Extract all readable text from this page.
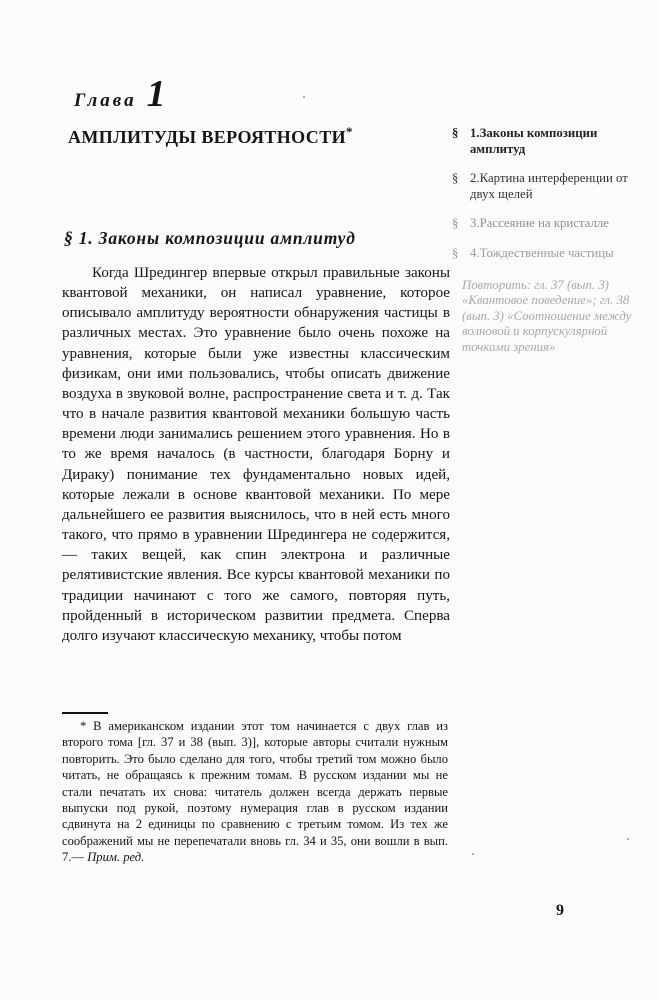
Глава 1
АМПЛИТУДЫ ВЕРОЯТНОСТИ*
§ 1. Законы композиции амплитуд

Когда Шредингер впервые открыл правильные законы квантовой механики, он написал уравнение, которое описывало амплитуду вероятности обнаружения частицы в различных местах. Это уравнение было очень похоже на уравнения, которые были уже известны классическим физикам, они ими пользовались, чтобы описать движение воздуха в звуковой волне, распространение света и т. д. Так что в начале развития квантовой механики большую часть времени люди занимались решением этого уравнения. Но в то же время началось (в частности, благодаря Борну и Дираку) понимание тех фундаментально новых идей, которые лежали в основе квантовой механики. По мере дальнейшего ее развития выяснилось, что в ней есть много такого, что прямо в уравнении Шредингера не содержится,— таких вещей, как спин электрона и различные релятивистские явления. Все курсы квантовой механики по традиции начинают с того же самого, повторяя путь, пройденный в историческом развитии предмета. Сперва долго изучают классическую механику, чтобы потом

* В американском издании этот том начинается с двух глав из второго тома [гл. 37 и 38 (вып. 3)], которые авторы считали нужным повторить. Это было сделано для того, чтобы третий том можно было читать, не обращаясь к прежним томам. В русском издании мы не стали печатать их снова: читатель должен всегда держать первые выпуски под рукой, поэтому нумерация глав в русском издании сдвинута на 2 единицы по сравнению с третьим томом. Из тех же соображений мы не перепечатали вновь гл. 34 и 35, они вошли в вып. 7.— Прим. ред.

§ 1.Законы композиции амплитуд
§ 2.Картина интерференции от двух щелей
§ 3.Рассеяние на кристалле
§ 4.Тождественные частицы
Повторить: гл. 37 (вып. 3) «Квантовое поведение»; гл. 38 (вып. 3) «Соотношение между волновой и корпускулярной точками зрения»
9
